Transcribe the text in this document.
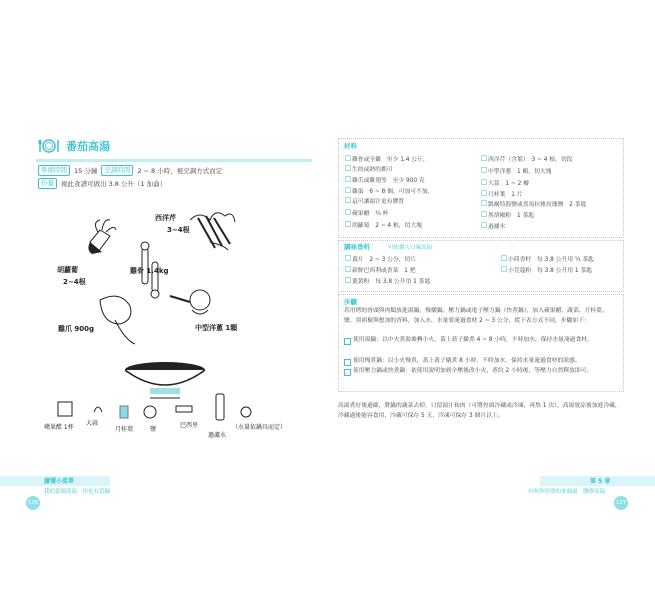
番茄高湯
準備時間	15 分鐘	烹調時間	2 ~ 8 小時，視烹調方式而定
份量	視此食譜可做出 3.8 公升（1 加侖）
西洋芹
3~4根
胡蘿蔔
2~4根
雞骨 1.4kg
雞爪 900g	中型洋蔥 1顆
蘋果醋 1杯
大蒜
月桂葉	鹽
巴西里
過濾水
（水量依鍋具而定）
讀懂小菜單
我的菜園高湯，你也有當歸
126
材料
雞骨或全雞　至少 1.4 公斤，
生的或熟的都可
雞爪或雞翅等　至少 900 克
雞蛋　6 ~ 8 個，可加可不加，
這可讓湯汁更有膠質
蘋果醋　¼ 杯
胡蘿蔔　2 ~ 4 根，切大塊
西洋芹（含葉）　3 ~ 4 根，切段
中型洋蔥　1 顆，切大塊
大蒜　1 ~ 2 瓣
月桂葉　1 片
凱爾特海鹽或喜馬拉雅玫瑰鹽　2 茶匙
黑胡椒粉　1 茶匙
過濾水
調味香料	可依個人口味添加
薑片　2 ~ 3 公分，切片
新鮮巴西利或香菜　1 把
薑黃粉　每 3.8 公升用 1 茶匙
小茴香籽　每 3.8 公升用 ¼ 茶匙
小荳蔻粉　每 3.8 公升用 1 茶匙
步驟
若用烤的骨頭與肉類放進湯鍋、慢燉鍋、壓力鍋或電子壓力鍋（快煮鍋），加入蘋果醋、蔬菜、月桂葉、鹽、黑胡椒與想加的香料，加入水，水量要淹過食材 2 ~ 3 公分，從下表方式不同，步驟如下：
使用湯鍋：以中火煮湯後轉小火，蓋上蓋子燉煮 4 ~ 8 小時，不時加水，保持水量淹過食材。
使用慢煮鍋：以小火慢煮，蓋上蓋子燉煮 8 小時，不時加水，保持水量淹過食材的狀態。
使用壓力鍋或快煮鍋：依使用說明加到全壓後改小火，煮約 2 小時後，等壓力自然釋放即可。
高湯煮好後過篩，將鍋的蔬菜去掉，只留湯汁和肉（可將骨頭冷藏或冷凍，再熬 1 次），高湯放涼後加進冷藏，冷藏過後能容食用，冷藏可保存 5 天，冷凍可保存 3 個月以上。
第 5 章
有時你你別的來頭湯　醫療高湯
127
